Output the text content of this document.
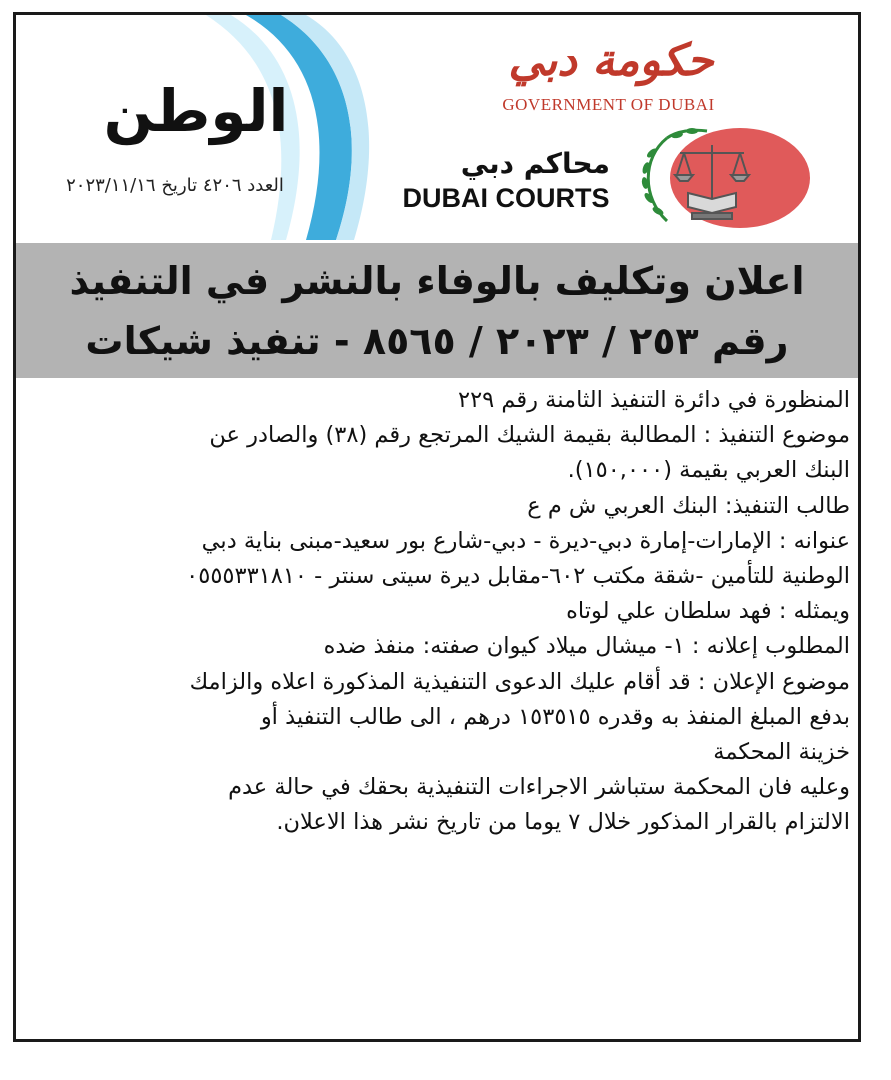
الوطن
العدد ٤٢٠٦ تاريخ ٢٠٢٣/١١/١٦
حكومة دبي
GOVERNMENT OF DUBAI
محاكم دبي
DUBAI COURTS
اعلان وتكليف بالوفاء بالنشر في التنفيذ
رقم ٢٥٣ / ٢٠٢٣ / ٨٥٦٥ - تنفيذ شيكات

المنظورة في دائرة التنفيذ الثامنة رقم ٢٢٩

موضوع التنفيذ : المطالبة بقيمة الشيك المرتجع رقم (٣٨) والصادر عن

البنك العربي بقيمة (١٥٠,٠٠٠).

طالب التنفيذ: البنك العربي ش م ع

عنوانه : الإمارات-إمارة دبي-ديرة - دبي-شارع بور سعيد-مبنى بناية دبي

الوطنية للتأمين -شقة مكتب ٦٠٢-مقابل ديرة سيتى سنتر - ٠٥٥٥٣٣١٨١٠

ويمثله : فهد سلطان علي لوتاه

المطلوب إعلانه : ١- ميشال ميلاد كيوان صفته: منفذ ضده

موضوع الإعلان : قد أقام عليك الدعوى التنفيذية المذكورة اعلاه والزامك

بدفع المبلغ المنفذ به وقدره ١٥٣٥١٥ درهم ، الى طالب التنفيذ أو

خزينة المحكمة

وعليه فان المحكمة ستباشر الاجراءات التنفيذية بحقك في حالة عدم

الالتزام بالقرار المذكور خلال ٧ يوما من تاريخ نشر هذا الاعلان.
